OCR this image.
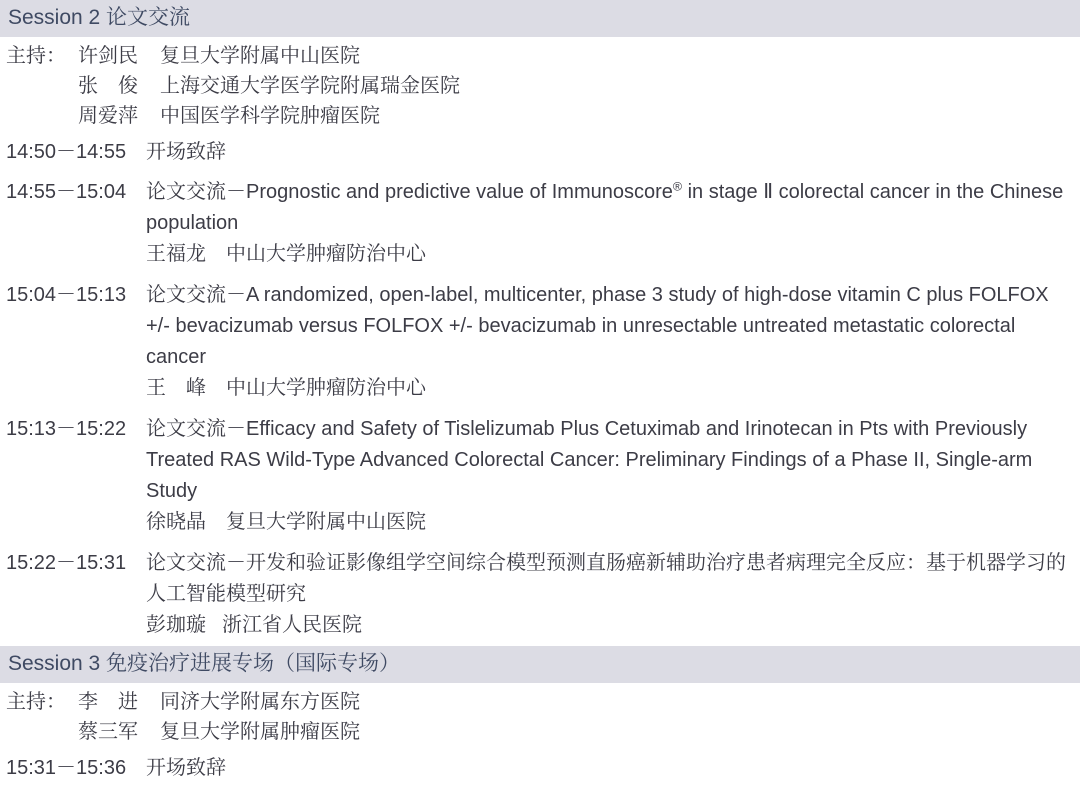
Session 2 论文交流
主持： 许剑民	复旦大学附属中山医院
张　俊	上海交通大学医学院附属瑞金医院
周爱萍	中国医学科学院肿瘤医院
14:50－14:55 开场致辞
14:55－15:04 论文交流－Prognostic and predictive value of Immunoscore® in stage Ⅱ colorectal cancer in the Chinese population
王福龙	中山大学肿瘤防治中心
15:04－15:13 论文交流－A randomized, open-label, multicenter, phase 3 study of high-dose vitamin C plus FOLFOX +/- bevacizumab versus FOLFOX +/- bevacizumab in unresectable untreated metastatic colorectal cancer
王　峰	中山大学肿瘤防治中心
15:13－15:22 论文交流－Efficacy and Safety of Tislelizumab Plus Cetuximab and Irinotecan in Pts with Previously Treated RAS Wild-Type Advanced Colorectal Cancer: Preliminary Findings of a Phase II, Single-arm Study
徐晓晶	复旦大学附属中山医院
15:22－15:31 论文交流－开发和验证影像组学空间综合模型预测直肠癌新辅助治疗患者病理完全反应：基于机器学习的人工智能模型研究
彭珈璇 浙江省人民医院
Session 3 免疫治疗进展专场（国际专场）
主持： 李　进	同济大学附属东方医院
蔡三军	复旦大学附属肿瘤医院
15:31－15:36 开场致辞
